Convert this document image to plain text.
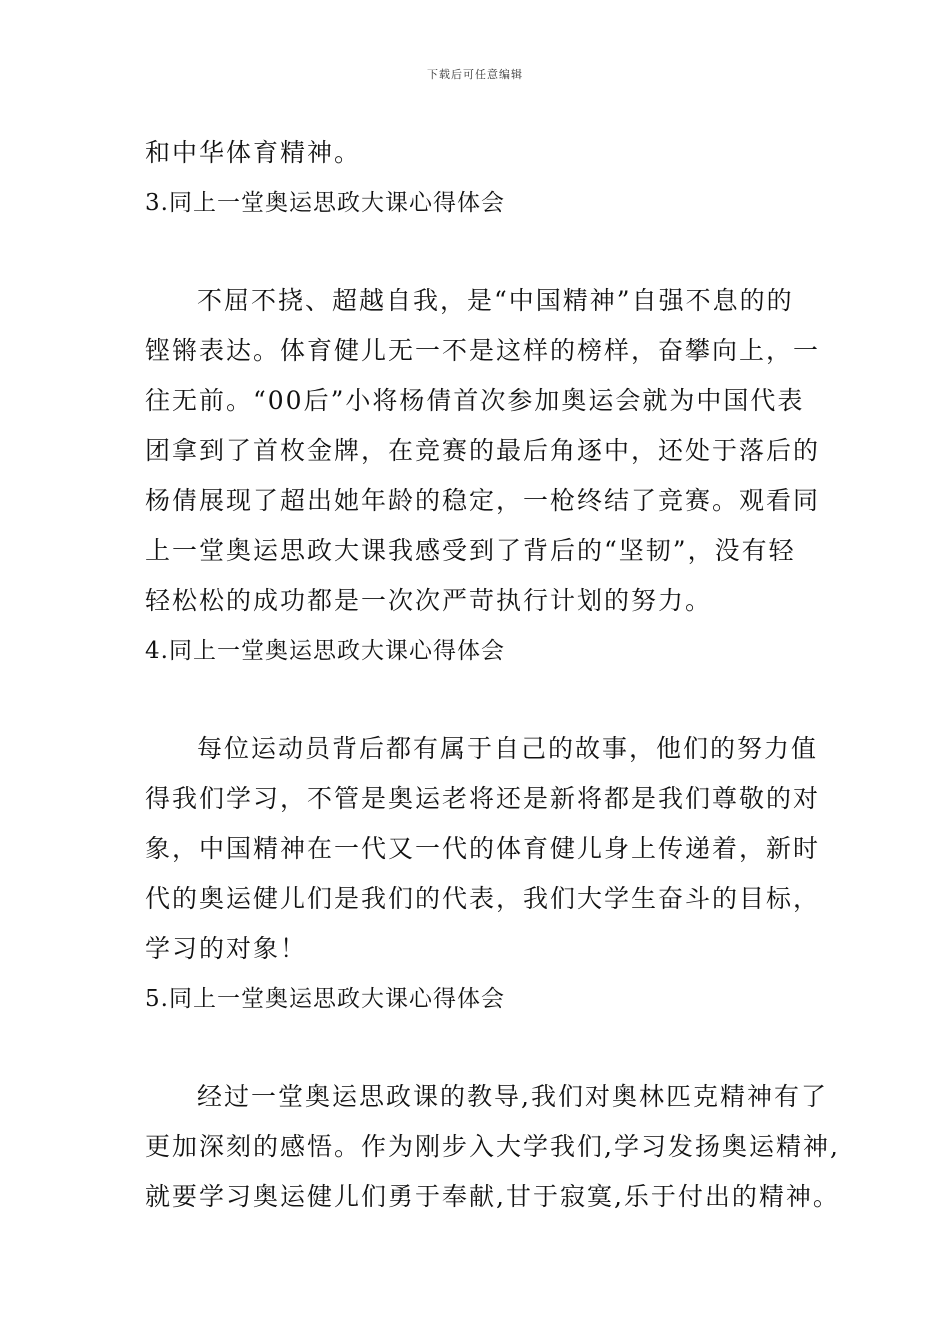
下载后可任意编辑
和中华体育精神。
3.同上一堂奥运思政大课心得体会
不屈不挠、超越自我，是“中国精神”自强不息的的
铿锵表达。体育健儿无一不是这样的榜样，奋攀向上，一
往无前。“00后”小将杨倩首次参加奥运会就为中国代表
团拿到了首枚金牌，在竞赛的最后角逐中，还处于落后的
杨倩展现了超出她年龄的稳定，一枪终结了竞赛。观看同
上一堂奥运思政大课我感受到了背后的“坚韧”，没有轻
轻松松的成功都是一次次严苛执行计划的努力。
4.同上一堂奥运思政大课心得体会
每位运动员背后都有属于自己的故事，他们的努力值
得我们学习，不管是奥运老将还是新将都是我们尊敬的对
象，中国精神在一代又一代的体育健儿身上传递着，新时
代的奥运健儿们是我们的代表，我们大学生奋斗的目标，
学习的对象！
5.同上一堂奥运思政大课心得体会
经过一堂奥运思政课的教导,我们对奥林匹克精神有了
更加深刻的感悟。作为刚步入大学我们,学习发扬奥运精神,
就要学习奥运健儿们勇于奉献,甘于寂寞,乐于付出的精神。
